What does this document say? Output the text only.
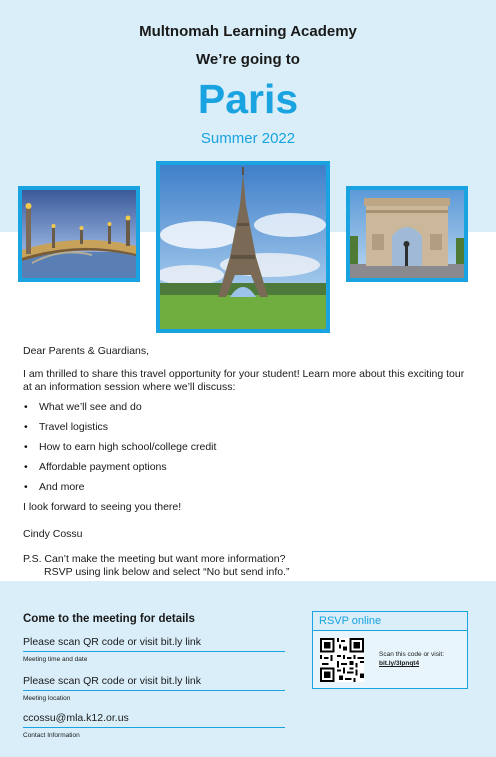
Multnomah Learning Academy
We’re going to
Paris
Summer 2022

Dear Parents & Guardians,

I am thrilled to share this travel opportunity for your student! Learn more about this exciting tour at an information session where we’ll discuss:

• What we’ll see and do
• Travel logistics
• How to earn high school/college credit
• Affordable payment options
• And more

I look forward to seeing you there!

Cindy Cossu

P.S. Can’t make the meeting but want more information?

RSVP using link below and select “No but send info.”

Come to the meeting for details
Please scan QR code or visit bit.ly link
Meeting time and date
Please scan QR code or visit bit.ly link
Meeting location
ccossu@mla.k12.or.us
Contact Information
RSVP online
Scan this code or visit:
bit.ly/3lpnqt4
